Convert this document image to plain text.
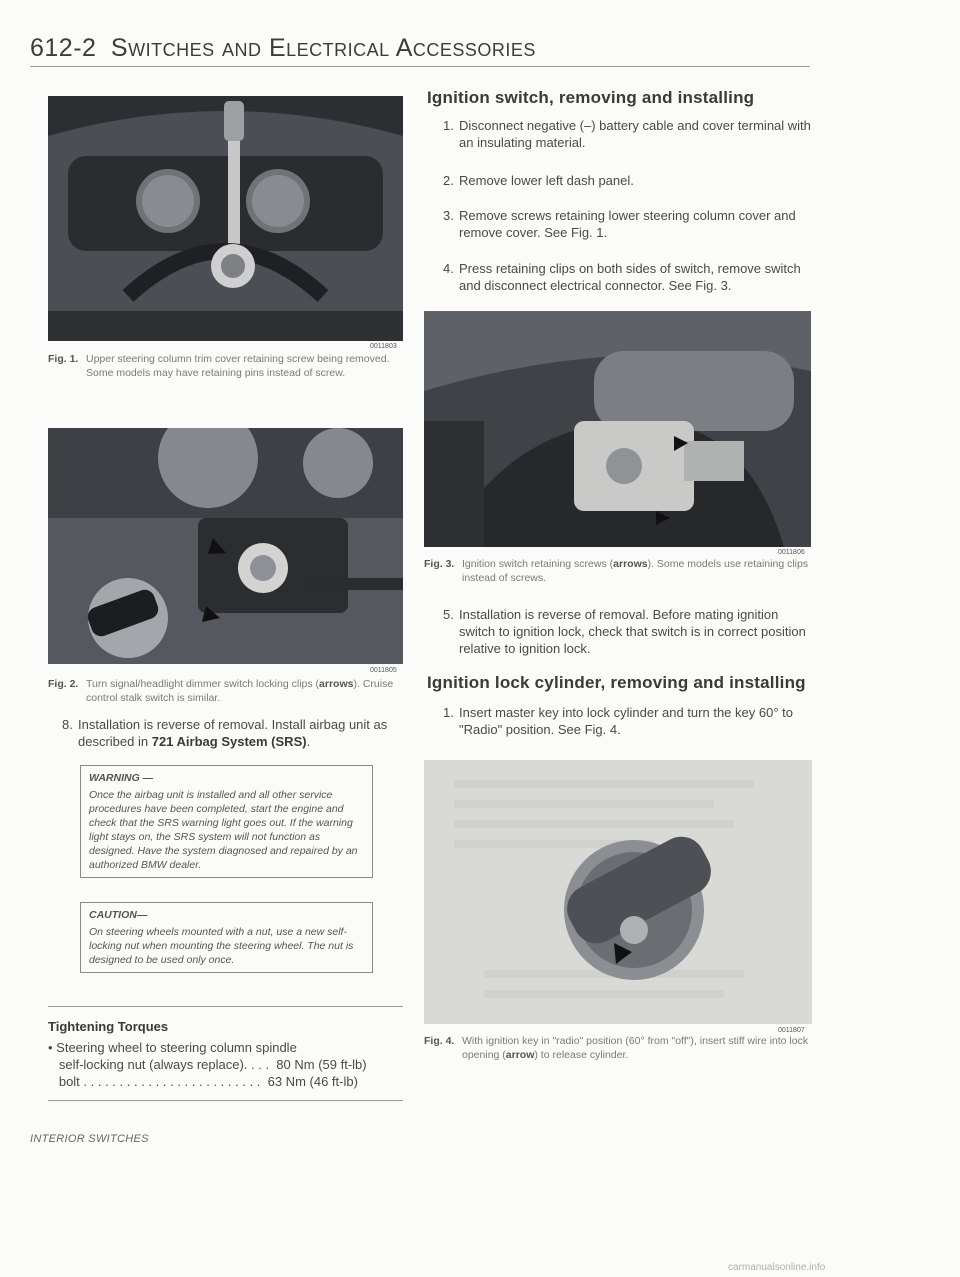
612-2 Switches and Electrical Accessories
0011803
Fig. 1. Upper steering column trim cover retaining screw being removed. Some models may have retaining pins instead of screw.
0011805
Fig. 2. Turn signal/headlight dimmer switch locking clips (arrows). Cruise control stalk switch is similar.
8. Installation is reverse of removal. Install airbag unit as described in 721 Airbag System (SRS).
WARNING —
Once the airbag unit is installed and all other service procedures have been completed, start the engine and check that the SRS warning light goes out. If the warning light stays on, the SRS system will not function as designed. Have the system diagnosed and repaired by an authorized BMW dealer.
CAUTION—
On steering wheels mounted with a nut, use a new self-locking nut when mounting the steering wheel. The nut is designed to be used only once.
Tightening Torques
• Steering wheel to steering column spindle
self-locking nut (always replace). . . .  80 Nm (59 ft-lb)
bolt . . . . . . . . . . . . . . . . . . . . . . . . .  63 Nm (46 ft-lb)
INTERIOR SWITCHES
Ignition switch, removing and installing
1. Disconnect negative (–) battery cable and cover terminal with an insulating material.
2. Remove lower left dash panel.
3. Remove screws retaining lower steering column cover and remove cover. See Fig. 1.
4. Press retaining clips on both sides of switch, remove switch and disconnect electrical connector. See Fig. 3.
0011806
Fig. 3. Ignition switch retaining screws (arrows). Some models use retaining clips instead of screws.
5. Installation is reverse of removal. Before mating ignition switch to ignition lock, check that switch is in correct position relative to ignition lock.
Ignition lock cylinder, removing and installing
1. Insert master key into lock cylinder and turn the key 60° to "Radio" position. See Fig. 4.
0011807
Fig. 4. With ignition key in "radio" position (60° from "off"), insert stiff wire into lock opening (arrow) to release cylinder.
carmanualsonline.info
